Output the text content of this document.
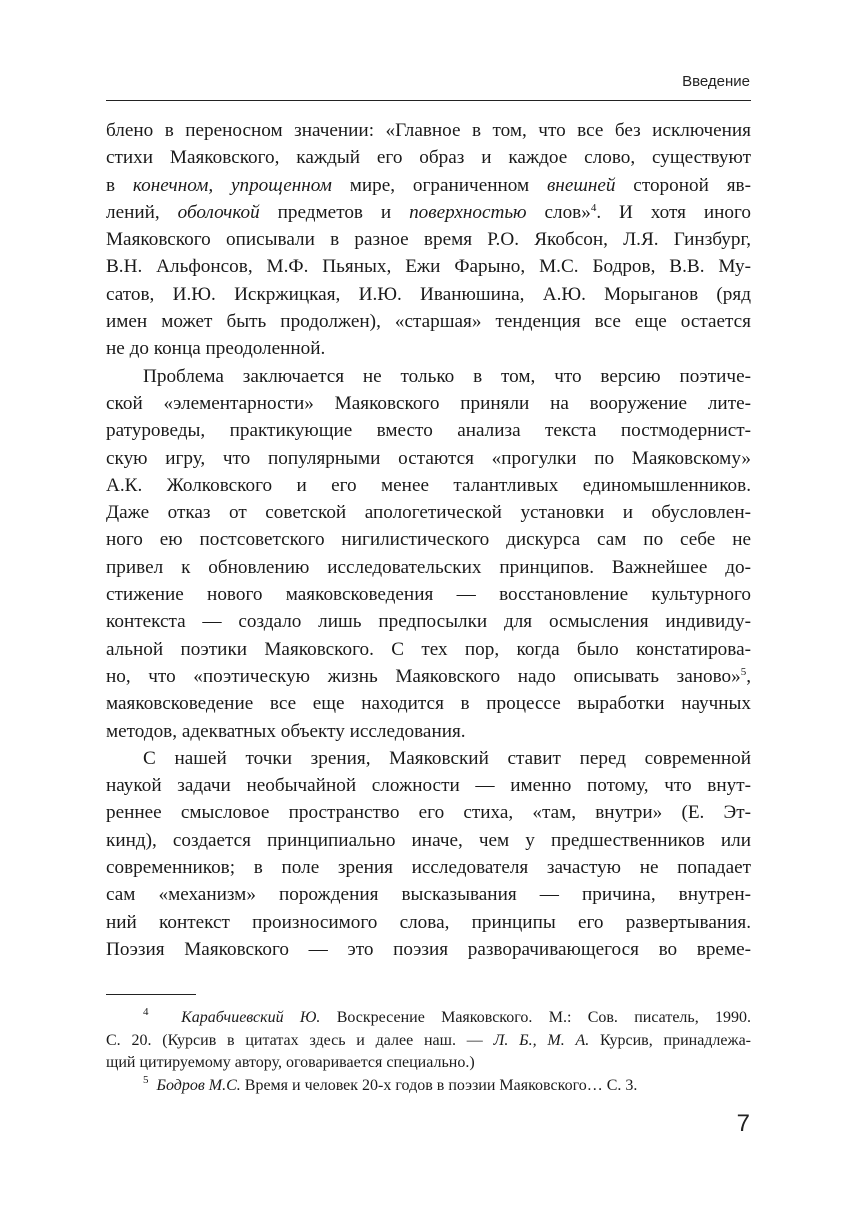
Введение
блено в переносном значении: «Главное в том, что все без исключения
стихи Маяковского, каждый его образ и каждое слово, существуют
в конечном, упрощенном мире, ограниченном внешней стороной яв-
лений, оболочкой предметов и поверхностью слов»$^4$. И хотя иного
Маяковского описывали в разное время Р.О. Якобсон, Л.Я. Гинзбург,
В.Н. Альфонсов, М.Ф. Пьяных, Ежи Фарыно, М.С. Бодров, В.В. Му-
сатов, И.Ю. Искржицкая, И.Ю. Иванюшина, А.Ю. Морыганов (ряд
имен может быть продолжен), «старшая» тенденция все еще остается
не до конца преодоленной.
Проблема заключается не только в том, что версию поэтиче-
ской «элементарности» Маяковского приняли на вооружение лите-
ратуроведы, практикующие вместо анализа текста постмодернист-
скую игру, что популярными остаются «прогулки по Маяковскому»
А.К. Жолковского и его менее талантливых единомышленников.
Даже отказ от советской апологетической установки и обусловлен-
ного ею постсоветского нигилистического дискурса сам по себе не
привел к обновлению исследовательских принципов. Важнейшее до-
стижение нового маяковсковедения — восстановление культурного
контекста — создало лишь предпосылки для осмысления индивиду-
альной поэтики Маяковского. С тех пор, когда было констатирова-
но, что «поэтическую жизнь Маяковского надо описывать заново»$^5$,
маяковсковедение все еще находится в процессе выработки научных
методов, адекватных объекту исследования.
С нашей точки зрения, Маяковский ставит перед современной
наукой задачи необычайной сложности — именно потому, что внут-
реннее смысловое пространство его стиха, «там, внутри» (Е. Эт-
кинд), создается принципиально иначе, чем у предшественников или
современников; в поле зрения исследователя зачастую не попадает
сам «механизм» порождения высказывания — причина, внутрен-
ний контекст произносимого слова, принципы его развертывания.
Поэзия Маяковского — это поэзия разворачивающегося во време-
$^4$ Карабчиевский Ю. Воскресение Маяковского. М.: Сов. писатель, 1990.
С. 20. (Курсив в цитатах здесь и далее наш. — Л. Б., М. А. Курсив, принадлежа-
щий цитируемому автору, оговаривается специально.)
$^5$ Бодров М.С. Время и человек 20-х годов в поэзии Маяковского… С. 3.
7
